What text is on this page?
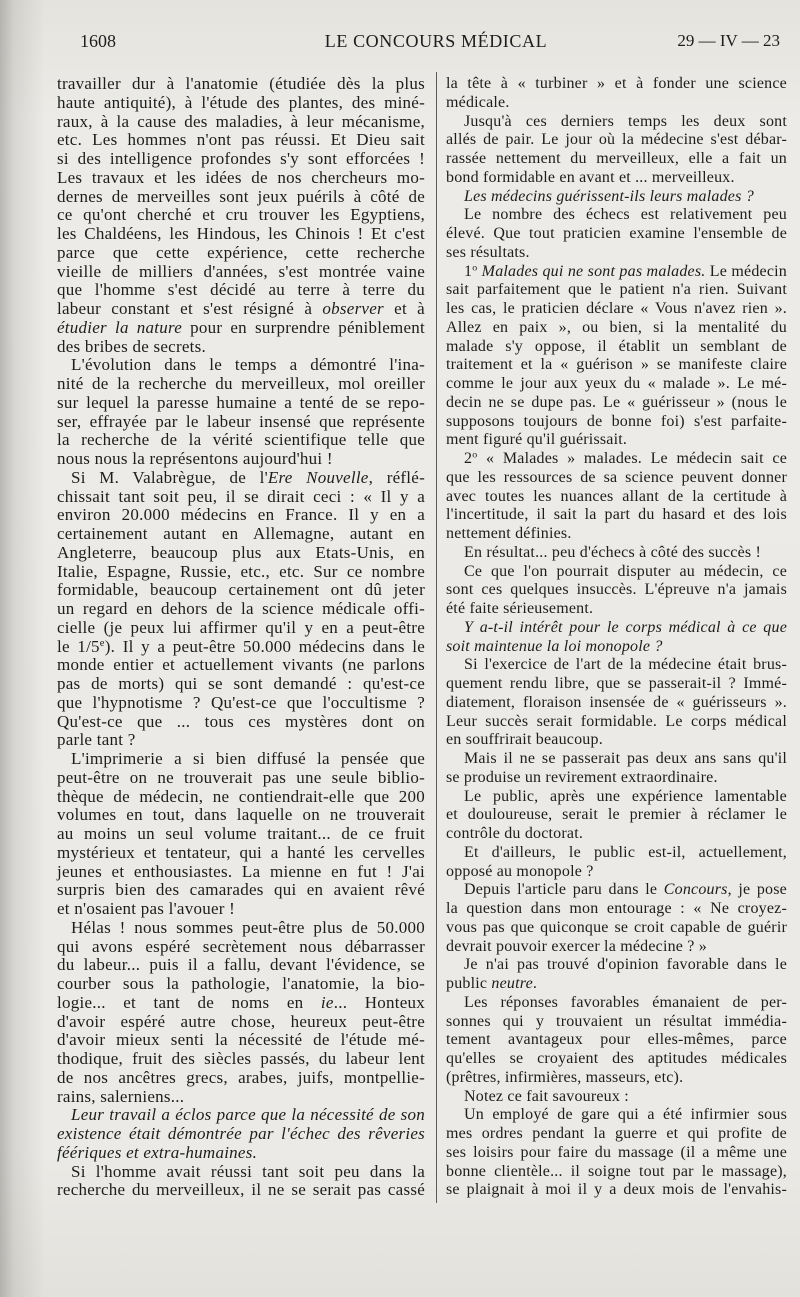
1608	LE CONCOURS MÉDICAL	29 — IV — 23
travailler dur à l'anatomie (étudiée dès la plus
haute antiquité), à l'étude des plantes, des miné-
raux, à la cause des maladies, à leur mécanisme,
etc. Les hommes n'ont pas réussi. Et Dieu sait
si des intelligence profondes s'y sont efforcées !
Les travaux et les idées de nos chercheurs mo-
dernes de merveilles sont jeux puérils à côté de
ce qu'ont cherché et cru trouver les Egyptiens,
les Chaldéens, les Hindous, les Chinois ! Et c'est
parce que cette expérience, cette recherche
vieille de milliers d'années, s'est montrée vaine
que l'homme s'est décidé au terre à terre du
labeur constant et s'est résigné à observer et à
étudier la nature pour en surprendre péniblement
des bribes de secrets.
L'évolution dans le temps a démontré l'ina-
nité de la recherche du merveilleux, mol oreiller
sur lequel la paresse humaine a tenté de se repo-
ser, effrayée par le labeur insensé que représente
la recherche de la vérité scientifique telle que
nous nous la représentons aujourd'hui !
Si M. Valabrègue, de l'Ere Nouvelle, réflé-
chissait tant soit peu, il se dirait ceci : « Il y a
environ 20.000 médecins en France. Il y en a
certainement autant en Allemagne, autant en
Angleterre, beaucoup plus aux Etats-Unis, en
Italie, Espagne, Russie, etc., etc. Sur ce nombre
formidable, beaucoup certainement ont dû jeter
un regard en dehors de la science médicale offi-
cielle (je peux lui affirmer qu'il y en a peut-être
le 1/5e). Il y a peut-être 50.000 médecins dans le
monde entier et actuellement vivants (ne parlons
pas de morts) qui se sont demandé : qu'est-ce
que l'hypnotisme ? Qu'est-ce que l'occultisme ?
Qu'est-ce que ... tous ces mystères dont on
parle tant ?
L'imprimerie a si bien diffusé la pensée que
peut-être on ne trouverait pas une seule biblio-
thèque de médecin, ne contiendrait-elle que 200
volumes en tout, dans laquelle on ne trouverait
au moins un seul volume traitant... de ce fruit
mystérieux et tentateur, qui a hanté les cervelles
jeunes et enthousiastes. La mienne en fut ! J'ai
surpris bien des camarades qui en avaient rêvé
et n'osaient pas l'avouer !
Hélas ! nous sommes peut-être plus de 50.000
qui avons espéré secrètement nous débarrasser
du labeur... puis il a fallu, devant l'évidence, se
courber sous la pathologie, l'anatomie, la bio-
logie... et tant de noms en ie... Honteux
d'avoir espéré autre chose, heureux peut-être
d'avoir mieux senti la nécessité de l'étude mé-
thodique, fruit des siècles passés, du labeur lent
de nos ancêtres grecs, arabes, juifs, montpellie-
rains, salerniens...
Leur travail a éclos parce que la nécessité de son
existence était démontrée par l'échec des rêveries
féériques et extra-humaines.
Si l'homme avait réussi tant soit peu dans la
recherche du merveilleux, il ne se serait pas cassé
la tête à « turbiner » et à fonder une science
médicale.
Jusqu'à ces derniers temps les deux sont
allés de pair. Le jour où la médecine s'est débar-
rassée nettement du merveilleux, elle a fait un
bond formidable en avant et ... merveilleux.
Les médecins guérissent-ils leurs malades ?
Le nombre des échecs est relativement peu
élevé. Que tout praticien examine l'ensemble de
ses résultats.
1$^o$ Malades qui ne sont pas malades. Le médecin
sait parfaitement que le patient n'a rien. Suivant
les cas, le praticien déclare « Vous n'avez rien ».
Allez en paix », ou bien, si la mentalité du
malade s'y oppose, il établit un semblant de
traitement et la « guérison » se manifeste claire
comme le jour aux yeux du « malade ». Le mé-
decin ne se dupe pas. Le « guérisseur » (nous le
supposons toujours de bonne foi) s'est parfaite-
ment figuré qu'il guérissait.
2$^o$ « Malades » malades. Le médecin sait ce
que les ressources de sa science peuvent donner
avec toutes les nuances allant de la certitude à
l'incertitude, il sait la part du hasard et des lois
nettement définies.
En résultat... peu d'échecs à côté des succès !
Ce que l'on pourrait disputer au médecin, ce
sont ces quelques insuccès. L'épreuve n'a jamais
été faite sérieusement.
Y a-t-il intérêt pour le corps médical à ce que
soit maintenue la loi monopole ?
Si l'exercice de l'art de la médecine était brus-
quement rendu libre, que se passerait-il ? Immé-
diatement, floraison insensée de « guérisseurs ».
Leur succès serait formidable. Le corps médical
en souffrirait beaucoup.
Mais il ne se passerait pas deux ans sans qu'il
se produise un revirement extraordinaire.
Le public, après une expérience lamentable
et douloureuse, serait le premier à réclamer le
contrôle du doctorat.
Et d'ailleurs, le public est-il, actuellement,
opposé au monopole ?
Depuis l'article paru dans le Concours, je pose
la question dans mon entourage : « Ne croyez-
vous pas que quiconque se croit capable de guérir
devrait pouvoir exercer la médecine ? »
Je n'ai pas trouvé d'opinion favorable dans le
public neutre.
Les réponses favorables émanaient de per-
sonnes qui y trouvaient un résultat immédia-
tement avantageux pour elles-mêmes, parce
qu'elles se croyaient des aptitudes médicales
(prêtres, infirmières, masseurs, etc).
Notez ce fait savoureux :
Un employé de gare qui a été infirmier sous
mes ordres pendant la guerre et qui profite de
ses loisirs pour faire du massage (il a même une
bonne clientèle... il soigne tout par le massage),
se plaignait à moi il y a deux mois de l'envahis-
